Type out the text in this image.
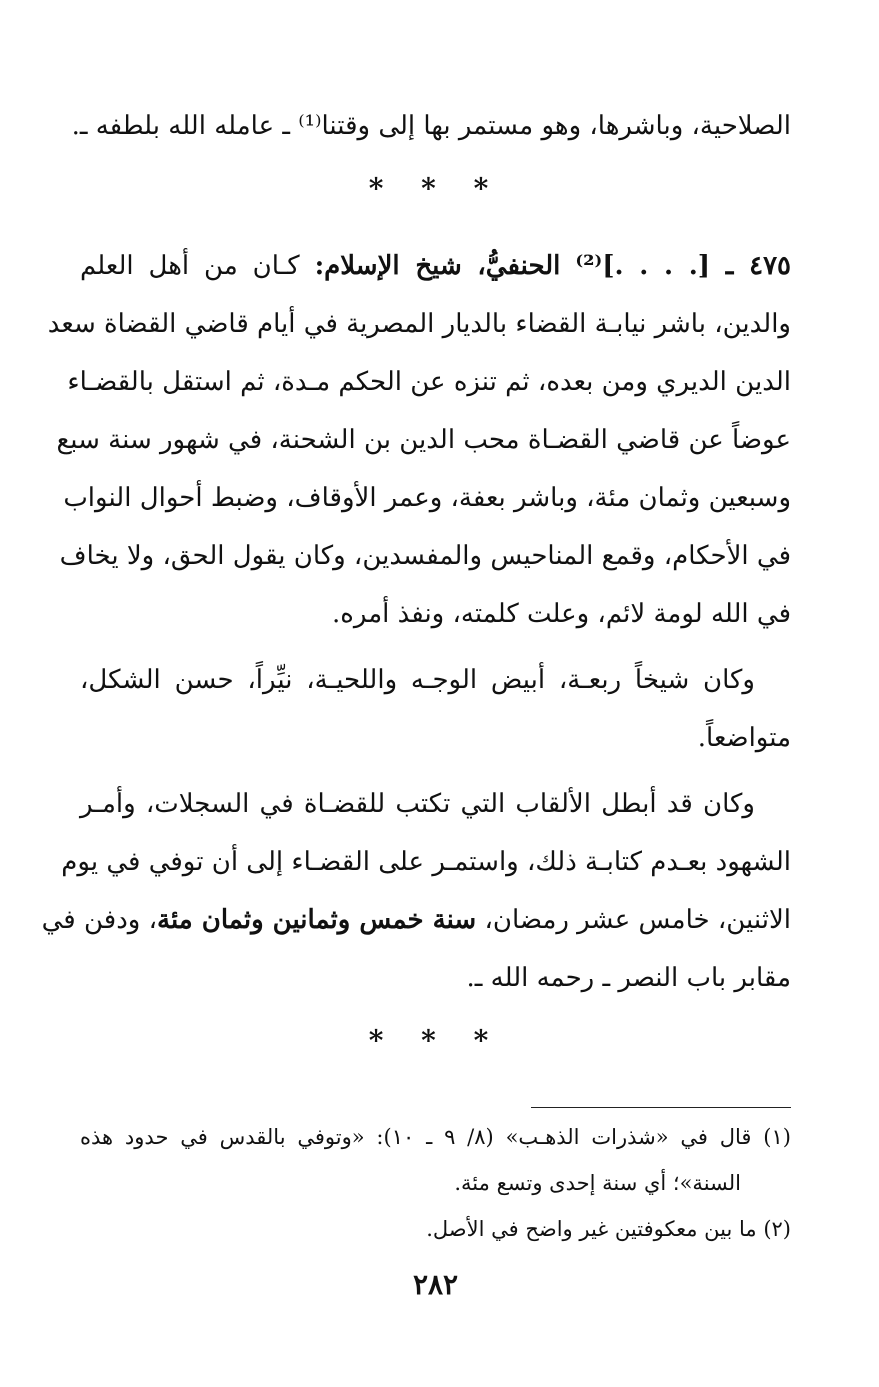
الصلاحية، وباشرها، وهو مستمر بها إلى وقتنا⁽¹⁾ ـ عامله الله بلطفه ـ.
* * *
٤٧٥ ـ [. . . .]⁽²⁾ الحنفيُّ، شيخ الإسلام: كـان من أهل العلم
والدين، باشر نيابـة القضاء بالديار المصرية في أيام قاضي القضاة سعد
الدين الديري ومن بعده، ثم تنزه عن الحكم مـدة، ثم استقل بالقضـاء
عوضاً عن قاضي القضـاة محب الدين بن الشحنة، في شهور سنة سبع
وسبعين وثمان مئة، وباشر بعفة، وعمر الأوقاف، وضبط أحوال النواب
في الأحكام، وقمع المناحيس والمفسدين، وكان يقول الحق، ولا يخاف
في الله لومة لائم، وعلت كلمته، ونفذ أمره.
وكان شيخاً ربعـة، أبيض الوجـه واللحيـة، نيِّراً، حسن الشكل،
متواضعاً.
وكان قد أبطل الألقاب التي تكتب للقضـاة في السجلات، وأمـر
الشهود بعـدم كتابـة ذلك، واستمـر على القضـاء إلى أن توفي في يوم
الاثنين، خامس عشر رمضان، سنة خمس وثمانين وثمان مئة، ودفن في
مقابر باب النصر ـ رحمه الله ـ.
* * *
(١) قال في «شذرات الذهـب» (٨/ ٩ ـ ١٠): «وتوفي بالقدس في حدود هذه
السنة»؛ أي سنة إحدى وتسع مئة.
(٢) ما بين معكوفتين غير واضح في الأصل.
٢٨٢
